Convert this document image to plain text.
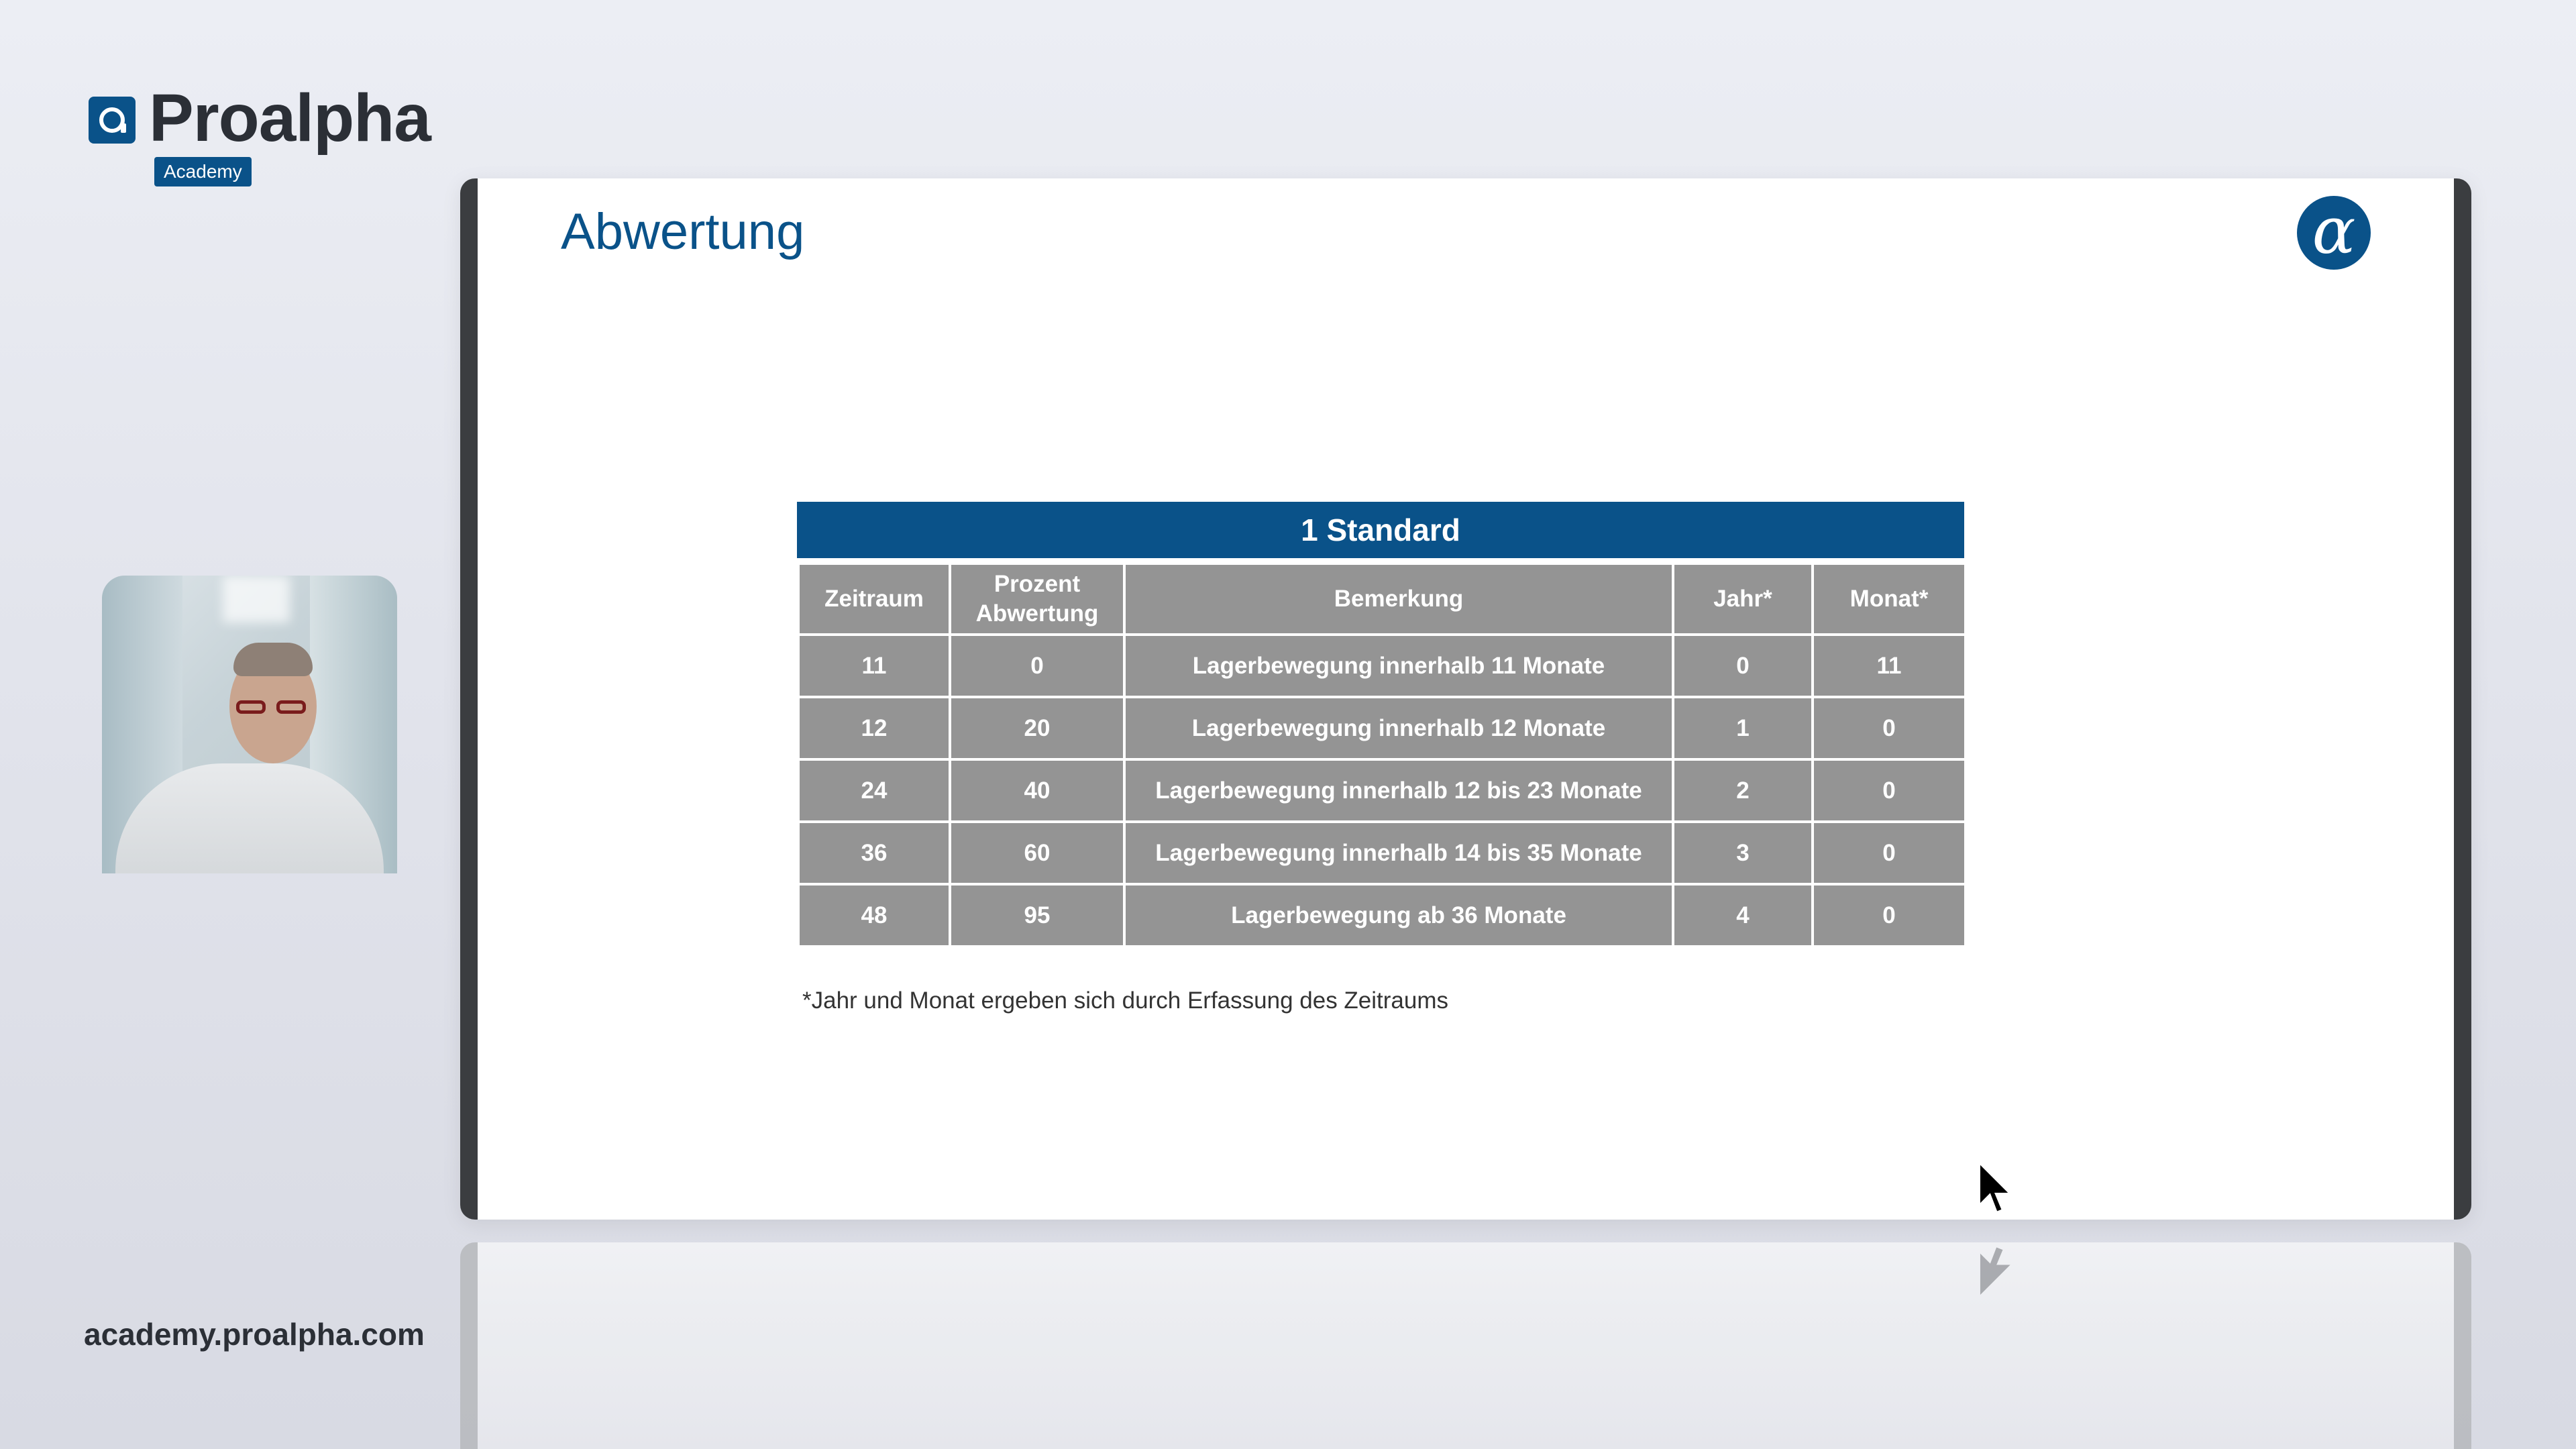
Proalpha
Academy
academy.proalpha.com
Abwertung	α
1 Standard
Zeitraum	Prozent Abwertung	Bemerkung	Jahr*	Monat*
11	0	Lagerbewegung innerhalb 11 Monate	0	11
12	20	Lagerbewegung innerhalb 12 Monate	1	0
24	40	Lagerbewegung innerhalb 12 bis 23 Monate	2	0
36	60	Lagerbewegung innerhalb 14 bis 35 Monate	3	0
48	95	Lagerbewegung ab 36 Monate	4	0
*Jahr und Monat ergeben sich durch Erfassung des Zeitraums
